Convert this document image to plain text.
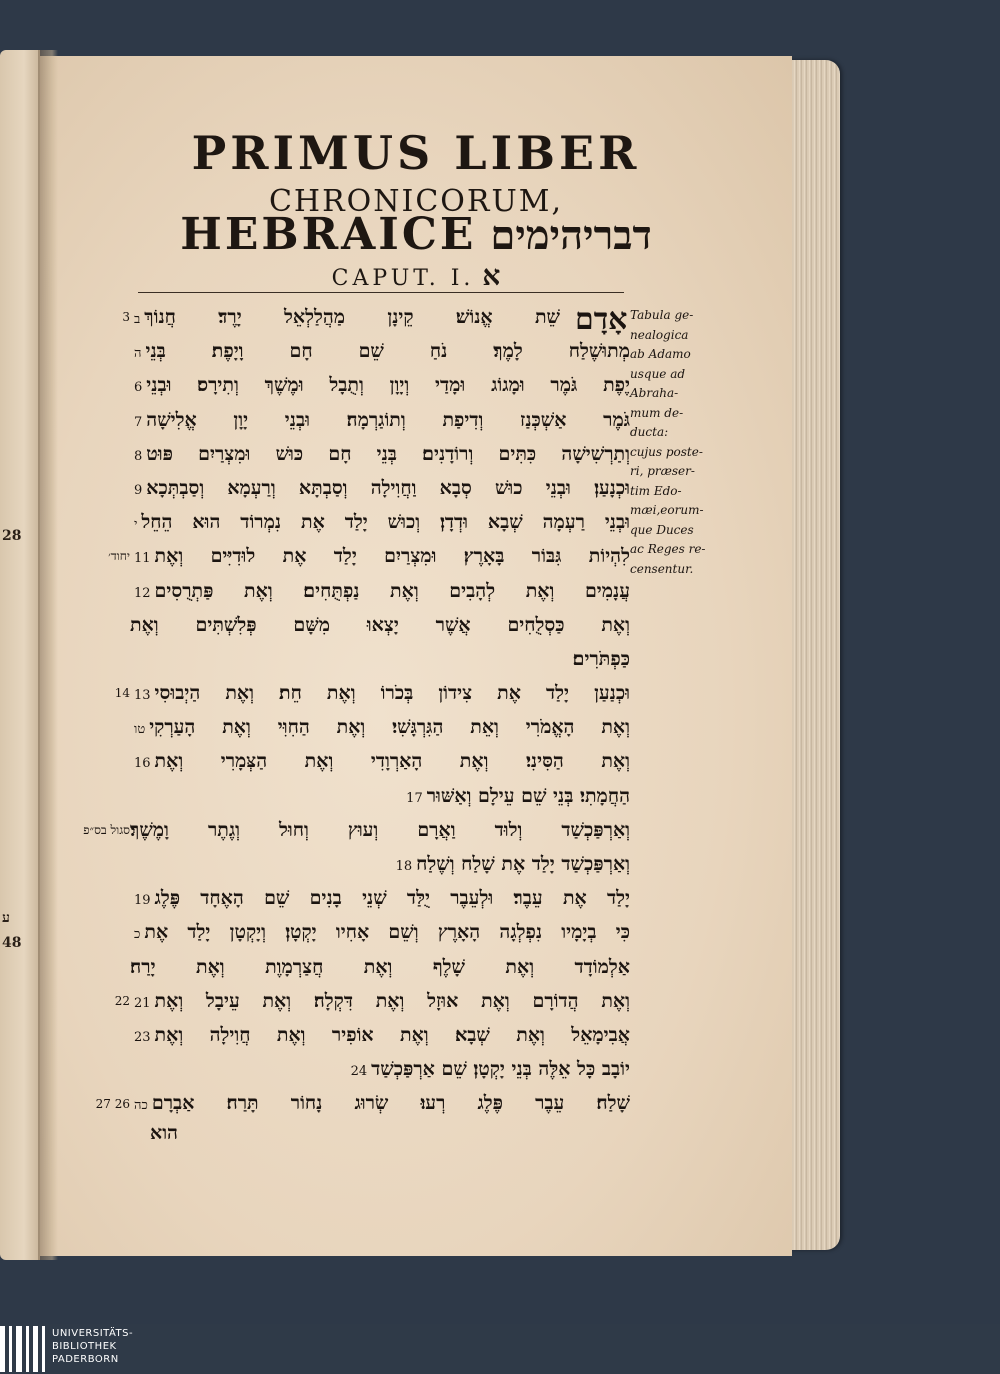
28
ע
48
PRIMUS LIBER
CHRONICORUM,
HEBRAICE דבריהימים
CAPUT. I. א
3
יחוד׳
14
סגול בס״פ
22
27 26
אָדָם
שֵׁת אֱנוֹשׁ׃ קֵינָן מַהֲלַלְאֵל יָרֶד׃ חֲנוֹךְב
מְתוּשֶׁלַח לָמֶךְ׃ נֹחַ שֵׁם חָם וָיָפֶת׃ בְּנֵיה
יֶפֶת גֹּמֶר וּמָגוֹג וּמָדַי וְיָוָן וְתֻבָל וּמֶשֶׁךְ וְתִירָס׃ וּבְנֵי6
גֹּמֶר אַשְׁכְּנַז וְדִיפַת וְתוֹגַרְמָה׃ וּבְנֵי יָוָן אֱלִישָׁה7
וְתַרְשִׁישָׁה כִּתִּים וְרוֹדָנִים׃ בְּנֵי חָם כּוּשׁ וּמִצְרַיִם פּוּט8
וּכְנָעַן׃ וּבְנֵי כוּשׁ סְבָא וַחֲוִילָה וְסַבְתָּא וְרַעְמָא וְסַבְתְּכָא9
וּבְנֵי רַעְמָה שְׁבָא וּדְדָן׃ וְכוּשׁ יָלַד אֶת נִמְרוֹד הוּא הֵחֵלי
לִהְיוֹת גִּבּוֹר בָּאָרֶץ׃ וּמִצְרַיִם יָלַד אֶת לוּדִיִּים וְאֶת11
עֲנָמִים וְאֶת לְהָבִים וְאֶת נַפְתֻּחִים׃ וְאֶת פַּתְרֻסִים12
וְאֶת כַּסְלֻחִים אֲשֶׁר יָצְאוּ מִשָּׁם פְּלִשְׁתִּים וְאֶת
כַּפְתֹּרִים׃
וּכְנַעַן יָלַד אֶת צִידוֹן בְּכֹרוֹ וְאֶת חֵת׃ וְאֶת הַיְבוּסִי13
וְאֶת הָאֱמֹרִי וְאֵת הַגִּרְגָּשִׁי׃ וְאֶת הַחִוִּי וְאֶת הָעַרְקִיטו
וְאֶת הַסִּינִי׃ וְאֶת הָאַרְוָדִי וְאֶת הַצְּמָרִי וְאֶת16
הַחֲמָתִי׃ בְּנֵי שֵׁם עֵילָם וְאַשּׁוּר17
וְאַרְפַּכְשַׁד וְלוּד וַאֲרָם וְעוּץ וְחוּל וְגֶתֶר וָמֶשֶׁךְ׃
וְאַרְפַּכְשַׁד יָלַד אֶת שָׁלַח וְשֶׁלַח18
יָלַד אֶת עֵבֶר׃ וּלְעֵבֶר יֻלַּד שְׁנֵי בָנִים שֵׁם הָאֶחָד פֶּלֶג19
כִּי בְיָמָיו נִפְלְגָה הָאָרֶץ וְשֵׁם אָחִיו יָקְטָן׃ וְיָקְטָן יָלַד אֶתכ
אַלְמוֹדָד וְאֶת שָׁלֶף וְאֶת חֲצַרְמָוֶת וְאֶת יָרַח׃
וְאֶת הֲדוֹרָם וְאֶת אוּזָל וְאֶת דִּקְלָה׃ וְאֶת עֵיבָל וְאֶת21
אֲבִימָאֵל וְאֶת שְׁבָא׃ וְאֶת אוֹפִיר וְאֶת חֲוִילָה וְאֶת23
יוֹבָב כָּל אֵלֶּה בְּנֵי יָקְטָן׃ שֵׁם אַרְפַּכְשַׁד24
שָׁלַח׃ עֵבֶר פֶּלֶג רְעוּ׃ שְׂרוּג נָחוֹר תָּרַח׃ אַבְרָםכה
Tabula ge-
nealogica
ab Adamo
usque ad
Abraha-
mum de-
ducta:
cujus poste-
ri, præser-
tim Edo-
mæi,eorum-
que Duces
ac Reges re-
censentur.
הוא
UNIVERSITÄTS-
BIBLIOTHEK
PADERBORN
